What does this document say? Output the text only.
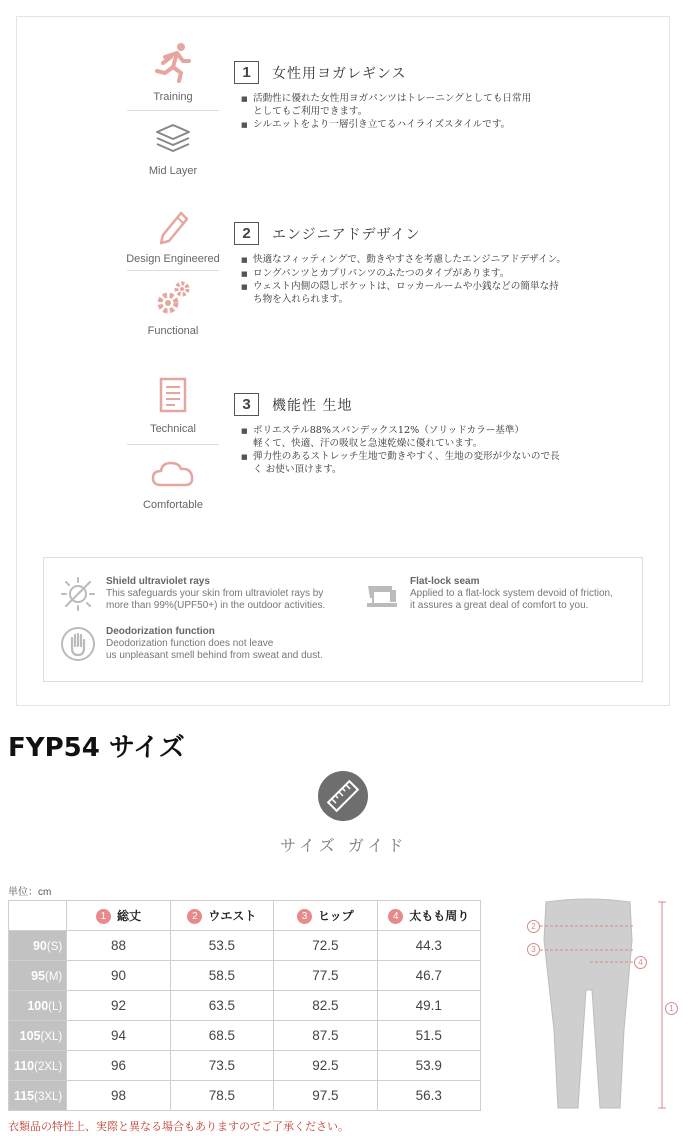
Training
Mid Layer
Design Engineered
Functional
Technical
Comfortable
1	女性用ヨガレギンス
■ 活動性に優れた女性用ヨガパンツはトレーニングとしても日常用
としてもご利用できます。
■ シルエットをより一層引き立てるハイライズスタイルです。
2	エンジニアドデザイン
■ 快適なフィッティングで、動きやすさを考慮したエンジニアドデザイン。
■ ロングパンツとカプリパンツのふたつのタイプがあります。
■ ウェスト内側の隠しポケットは、ロッカールームや小銭などの簡単な持
ち物を入れられます。
3	機能性 生地
■ ポリエステル88%スパンデックス12%（ソリッドカラー基準）
軽くて、快適、汗の吸収と急速乾燥に優れています。
■ 弾力性のあるストレッチ生地で動きやすく、生地の変形が少ないので長
く お使い頂けます。
Shield ultraviolet rays
This safeguards your skin from ultraviolet rays by
more than 99%(UPF50+) in the outdoor activities.
Flat-lock seam
Applied to a flat-lock system devoid of friction,
it assures a great deal of comfort to you.
Deodorization function
Deodorization function does not leave
us unpleasant smell behind from sweat and dust.
FYP54 サイズ
サイズ ガイド
単位：cm
	1 総丈	2 ウエスト	3 ヒップ	4 太もも周り
90(S)	88	53.5	72.5	44.3
95(M)	90	58.5	77.5	46.7
100(L)	92	63.5	82.5	49.1
105(XL)	94	68.5	87.5	51.5
110(2XL)	96	73.5	92.5	53.9
115(3XL)	98	78.5	97.5	56.3
2
3
4
1
衣類品の特性上、実際と異なる場合もありますのでご了承ください。
